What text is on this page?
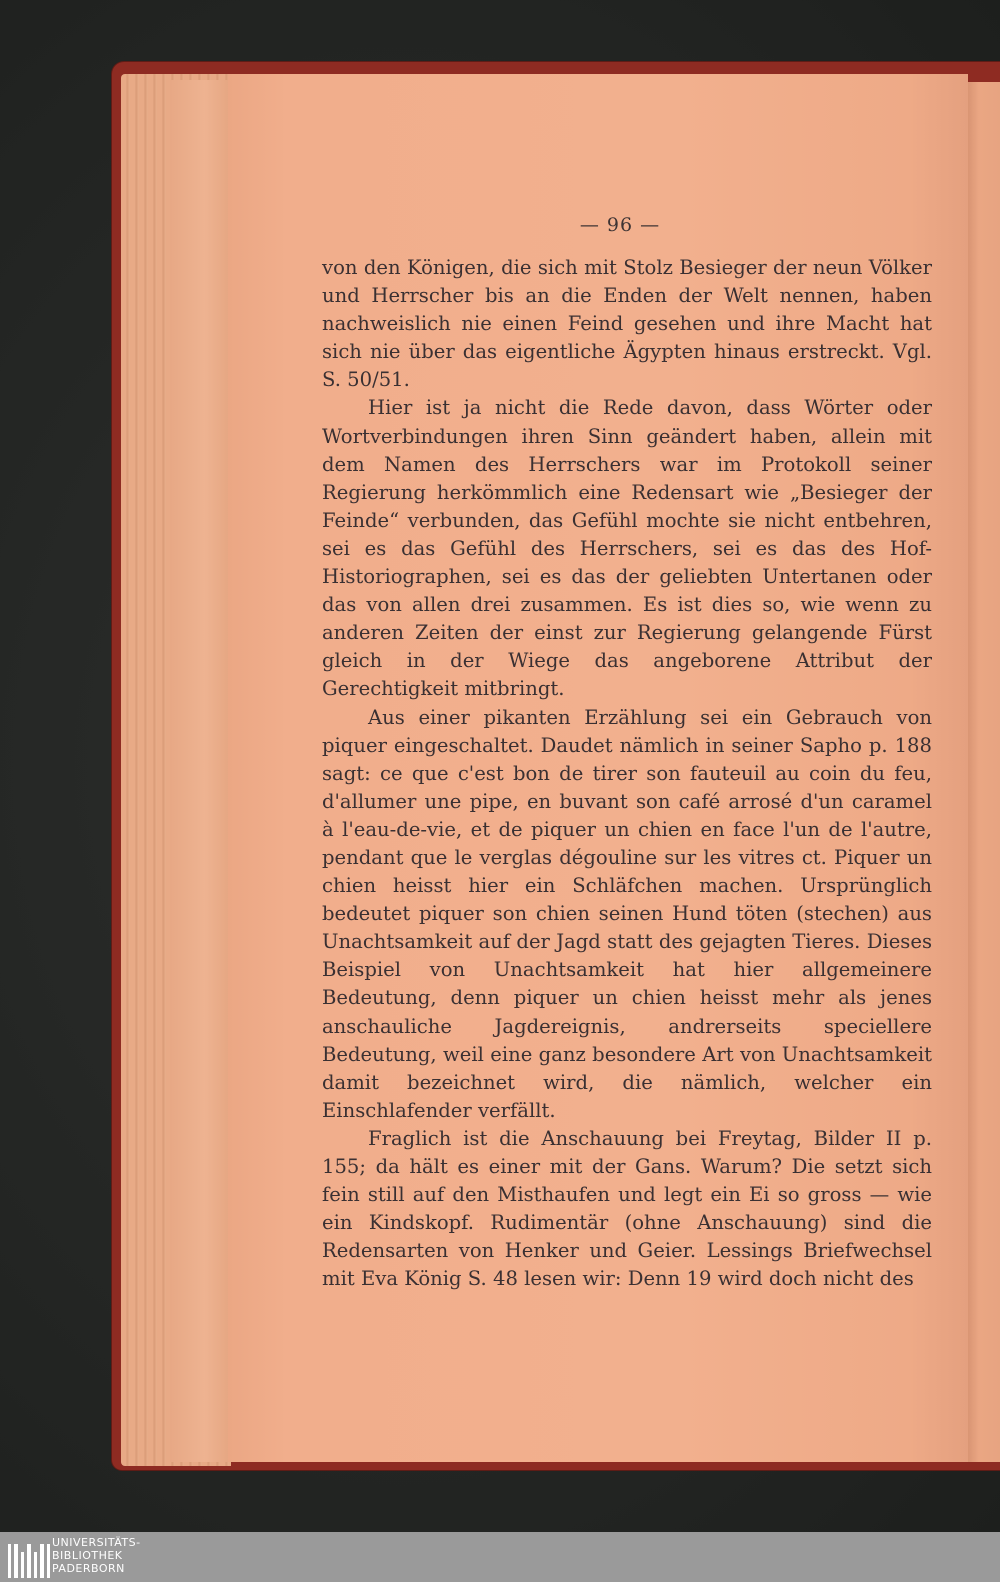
— 96 —

von den Königen, die sich mit Stolz Besieger der neun Völker und Herrscher bis an die Enden der Welt nennen, haben nachweislich nie einen Feind gesehen und ihre Macht hat sich nie über das eigentliche Ägypten hinaus erstreckt. Vgl. S. 50/51.

Hier ist ja nicht die Rede davon, dass Wörter oder Wortverbindungen ihren Sinn geändert haben, allein mit dem Namen des Herrschers war im Protokoll seiner Regierung herkömmlich eine Redensart wie „Besieger der Feinde“ verbunden, das Gefühl mochte sie nicht entbehren, sei es das Gefühl des Herrschers, sei es das des Hof-Historiographen, sei es das der geliebten Untertanen oder das von allen drei zusammen. Es ist dies so, wie wenn zu anderen Zeiten der einst zur Regierung gelangende Fürst gleich in der Wiege das angeborene Attribut der Gerechtigkeit mitbringt.

Aus einer pikanten Erzählung sei ein Gebrauch von piquer eingeschaltet. Daudet nämlich in seiner Sapho p. 188 sagt: ce que c'est bon de tirer son fauteuil au coin du feu, d'allumer une pipe, en buvant son café arrosé d'un caramel à l'eau-de-vie, et de piquer un chien en face l'un de l'autre, pendant que le verglas dégouline sur les vitres ct. Piquer un chien heisst hier ein Schläfchen machen. Ursprünglich bedeutet piquer son chien seinen Hund töten (stechen) aus Unachtsamkeit auf der Jagd statt des gejagten Tieres. Dieses Beispiel von Unachtsamkeit hat hier allgemeinere Bedeutung, denn piquer un chien heisst mehr als jenes anschauliche Jagdereignis, andrerseits speciellere Bedeutung, weil eine ganz besondere Art von Unachtsamkeit damit bezeichnet wird, die nämlich, welcher ein Einschlafender verfällt.

Fraglich ist die Anschauung bei Freytag, Bilder II p. 155; da hält es einer mit der Gans. Warum? Die setzt sich fein still auf den Misthaufen und legt ein Ei so gross — wie ein Kindskopf. Rudimentär (ohne Anschauung) sind die Redensarten von Henker und Geier. Lessings Briefwechsel mit Eva König S. 48 lesen wir: Denn 19 wird doch nicht des

UNIVERSITÄTS-
BIBLIOTHEK
PADERBORN
